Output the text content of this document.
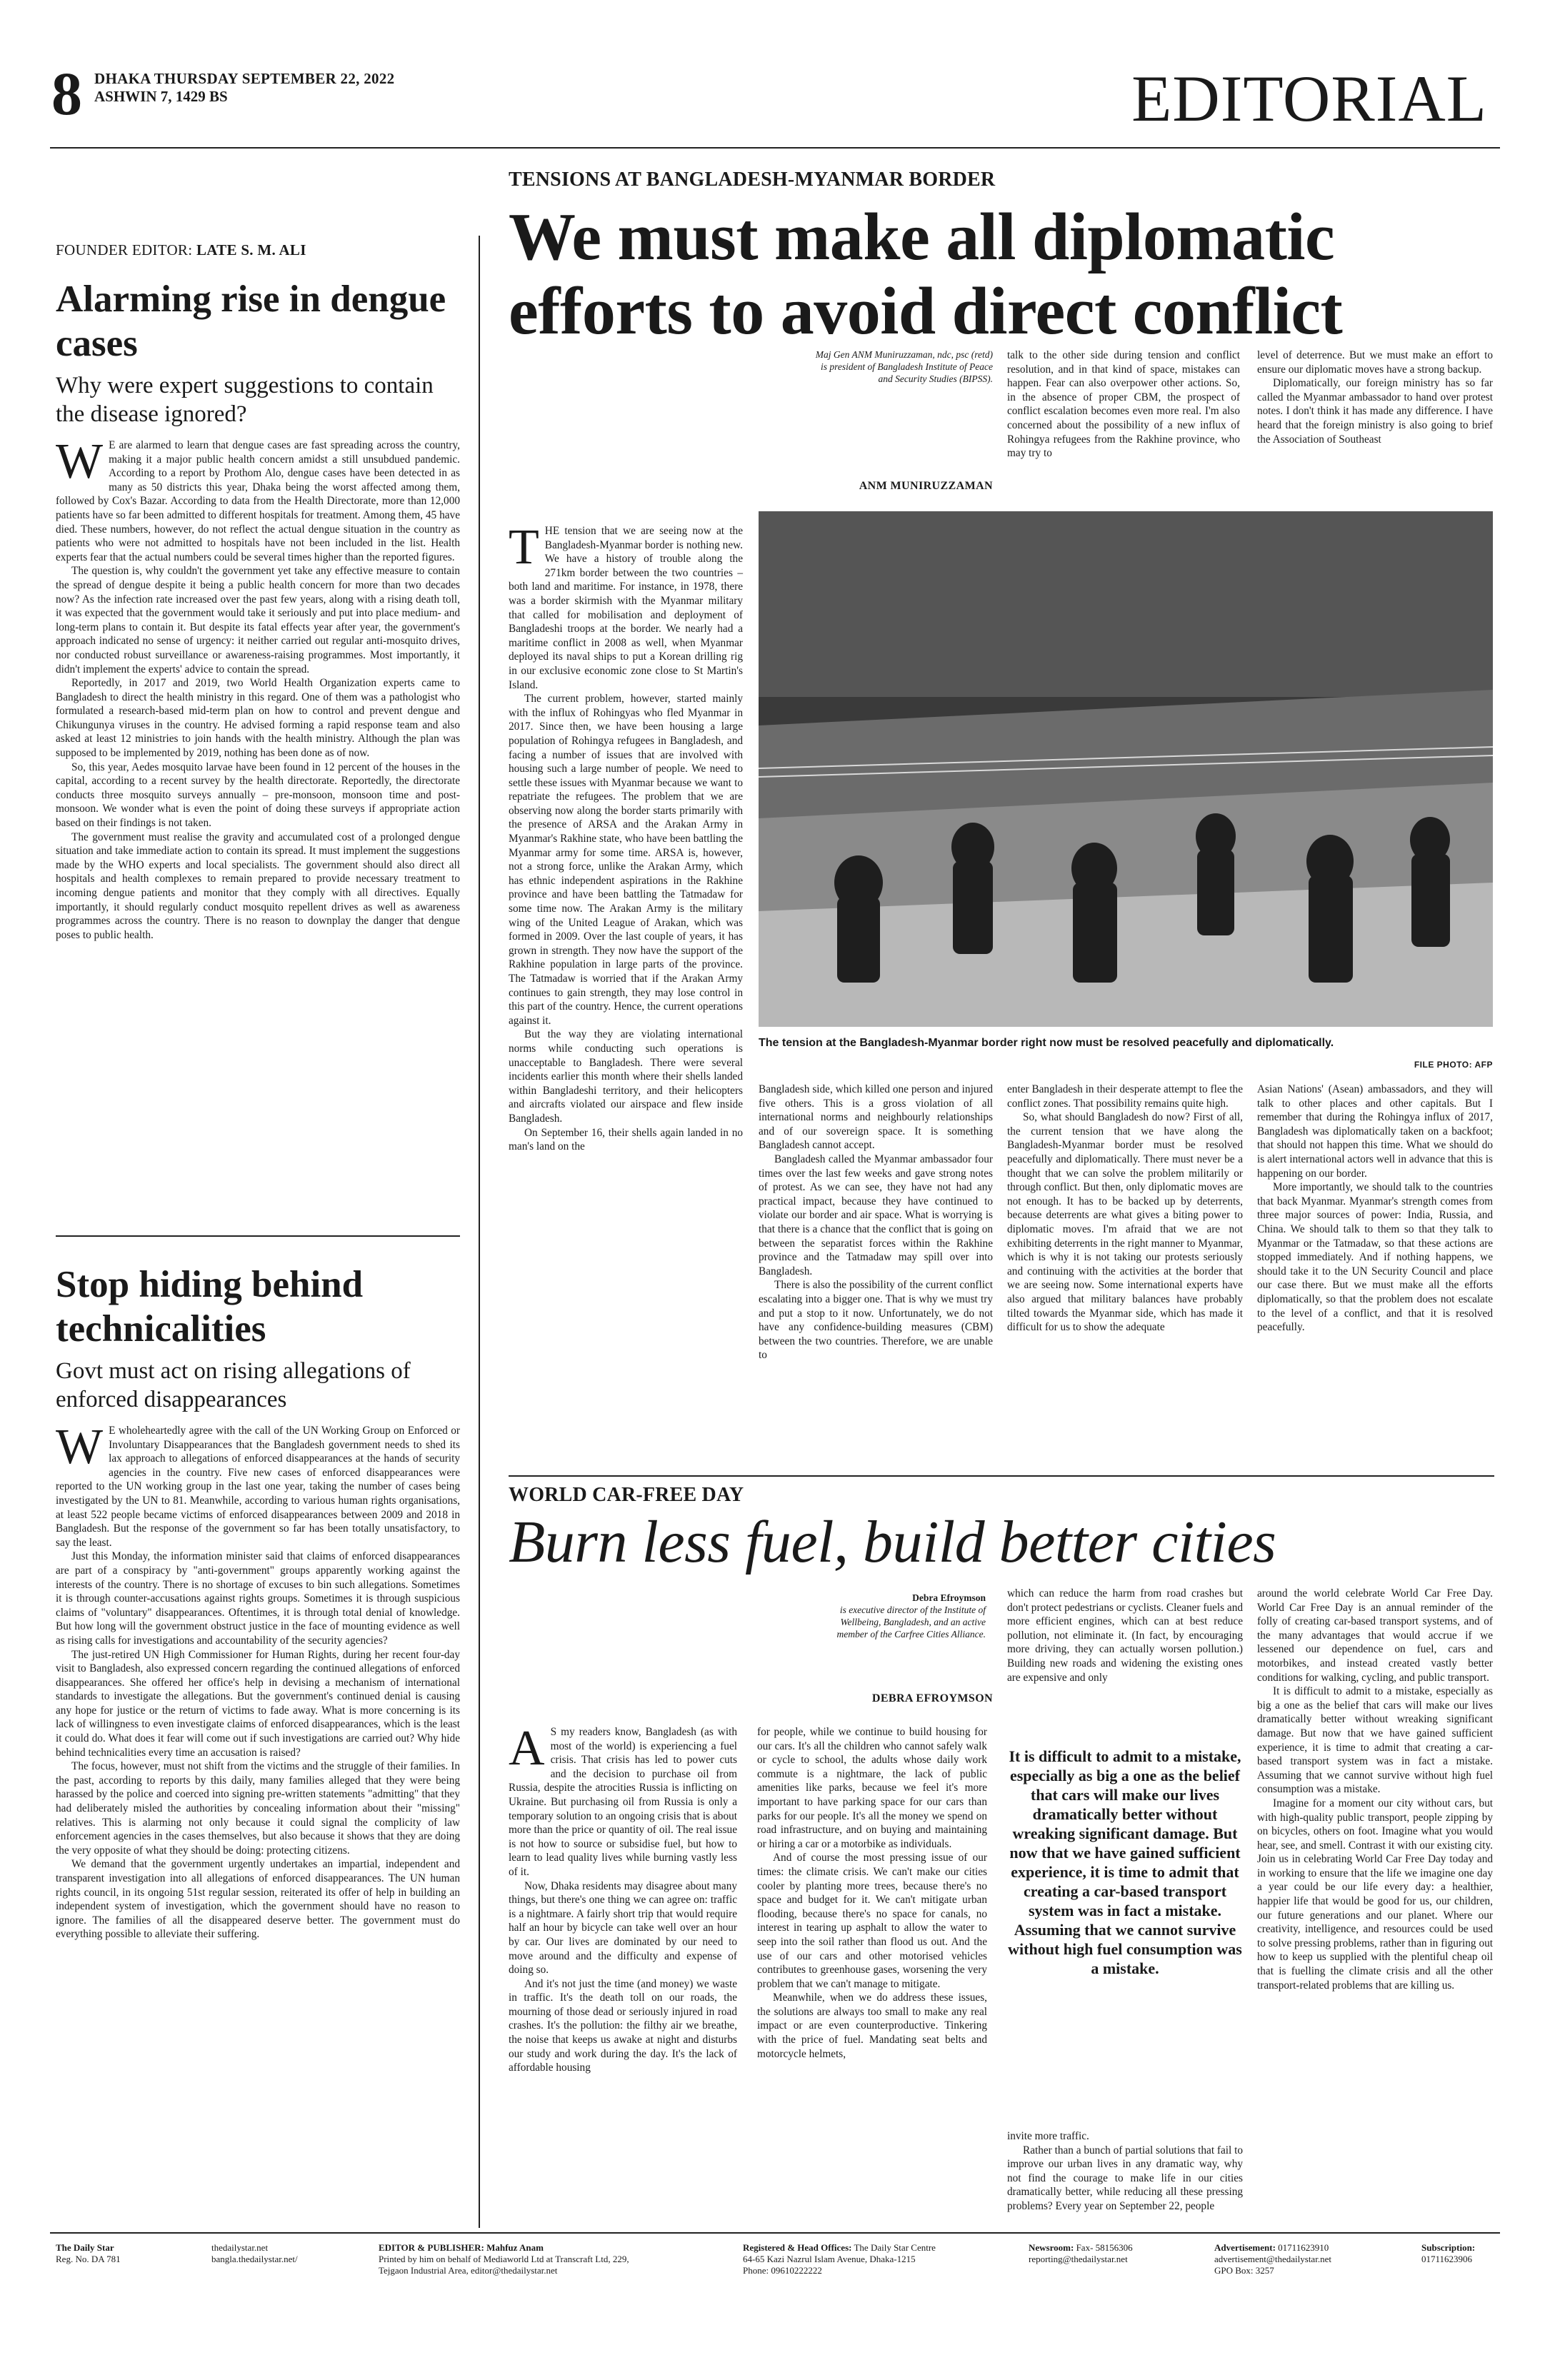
8 DHAKA THURSDAY SEPTEMBER 22, 2022
ASHWIN 7, 1429 BS	EDITORIAL
FOUNDER EDITOR: LATE S. M. ALI
Alarming rise in dengue cases
Why were expert suggestions to contain the disease ignored?

W E are alarmed to learn that dengue cases are fast spreading across the country, making it a major public health concern amidst a still unsubdued pandemic. According to a report by Prothom Alo, dengue cases have been detected in as many as 50 districts this year, Dhaka being the worst affected among them, followed by Cox's Bazar. According to data from the Health Directorate, more than 12,000 patients have so far been admitted to different hospitals for treatment. Among them, 45 have died. These numbers, however, do not reflect the actual dengue situation in the country as patients who were not admitted to hospitals have not been included in the list. Health experts fear that the actual numbers could be several times higher than the reported figures.

The question is, why couldn't the government yet take any effective measure to contain the spread of dengue despite it being a public health concern for more than two decades now? As the infection rate increased over the past few years, along with a rising death toll, it was expected that the government would take it seriously and put into place medium- and long-term plans to contain it. But despite its fatal effects year after year, the government's approach indicated no sense of urgency: it neither carried out regular anti-mosquito drives, nor conducted robust surveillance or awareness-raising programmes. Most importantly, it didn't implement the experts' advice to contain the spread.

Reportedly, in 2017 and 2019, two World Health Organization experts came to Bangladesh to direct the health ministry in this regard. One of them was a pathologist who formulated a research-based mid-term plan on how to control and prevent dengue and Chikungunya viruses in the country. He advised forming a rapid response team and also asked at least 12 ministries to join hands with the health ministry. Although the plan was supposed to be implemented by 2019, nothing has been done as of now.

So, this year, Aedes mosquito larvae have been found in 12 percent of the houses in the capital, according to a recent survey by the health directorate. Reportedly, the directorate conducts three mosquito surveys annually – pre-monsoon, monsoon time and post-monsoon. We wonder what is even the point of doing these surveys if appropriate action based on their findings is not taken.

The government must realise the gravity and accumulated cost of a prolonged dengue situation and take immediate action to contain its spread. It must implement the suggestions made by the WHO experts and local specialists. The government should also direct all hospitals and health complexes to remain prepared to provide necessary treatment to incoming dengue patients and monitor that they comply with all directives. Equally importantly, it should regularly conduct mosquito repellent drives as well as awareness programmes across the country. There is no reason to downplay the danger that dengue poses to public health.

Stop hiding behind technicalities
Govt must act on rising allegations of enforced disappearances

W E wholeheartedly agree with the call of the UN Working Group on Enforced or Involuntary Disappearances that the Bangladesh government needs to shed its lax approach to allegations of enforced disappearances at the hands of security agencies in the country. Five new cases of enforced disappearances were reported to the UN working group in the last one year, taking the number of cases being investigated by the UN to 81. Meanwhile, according to various human rights organisations, at least 522 people became victims of enforced disappearances between 2009 and 2018 in Bangladesh. But the response of the government so far has been totally unsatisfactory, to say the least.

Just this Monday, the information minister said that claims of enforced disappearances are part of a conspiracy by "anti-government" groups apparently working against the interests of the country. There is no shortage of excuses to bin such allegations. Sometimes it is through counter-accusations against rights groups. Sometimes it is through suspicious claims of "voluntary" disappearances. Oftentimes, it is through total denial of knowledge. But how long will the government obstruct justice in the face of mounting evidence as well as rising calls for investigations and accountability of the security agencies?

The just-retired UN High Commissioner for Human Rights, during her recent four-day visit to Bangladesh, also expressed concern regarding the continued allegations of enforced disappearances. She offered her office's help in devising a mechanism of international standards to investigate the allegations. But the government's continued denial is causing any hope for justice or the return of victims to fade away. What is more concerning is its lack of willingness to even investigate claims of enforced disappearances, which is the least it could do. What does it fear will come out if such investigations are carried out? Why hide behind technicalities every time an accusation is raised?

The focus, however, must not shift from the victims and the struggle of their families. In the past, according to reports by this daily, many families alleged that they were being harassed by the police and coerced into signing pre-written statements "admitting" that they had deliberately misled the authorities by concealing information about their "missing" relatives. This is alarming not only because it could signal the complicity of law enforcement agencies in the cases themselves, but also because it shows that they are doing the very opposite of what they should be doing: protecting citizens.

We demand that the government urgently undertakes an impartial, independent and transparent investigation into all allegations of enforced disappearances. The UN human rights council, in its ongoing 51st regular session, reiterated its offer of help in building an independent system of investigation, which the government should have no reason to ignore. The families of all the disappeared deserve better. The government must do everything possible to alleviate their suffering.

TENSIONS AT BANGLADESH-MYANMAR BORDER
We must make all diplomatic efforts to avoid direct conflict
Maj Gen ANM Muniruzzaman, ndc, psc (retd) is president of Bangladesh Institute of Peace and Security Studies (BIPSS).
ANM MUNIRUZZAMAN

talk to the other side during tension and conflict resolution, and in that kind of space, mistakes can happen. Fear can also overpower other actions. So, in the absence of proper CBM, the prospect of conflict escalation becomes even more real. I'm also concerned about the possibility of a new influx of Rohingya refugees from the Rakhine province, who may try to

level of deterrence. But we must make an effort to ensure our diplomatic moves have a strong backup.

Diplomatically, our foreign ministry has so far called the Myanmar ambassador to hand over protest notes. I don't think it has made any difference. I have heard that the foreign ministry is also going to brief the Association of Southeast

THE tension that we are seeing now at the Bangladesh-Myanmar border is nothing new. We have a history of trouble along the 271km border between the two countries – both land and maritime. For instance, in 1978, there was a border skirmish with the Myanmar military that called for mobilisation and deployment of Bangladeshi troops at the border. We nearly had a maritime conflict in 2008 as well, when Myanmar deployed its naval ships to put a Korean drilling rig in our exclusive economic zone close to St Martin's Island.

The current problem, however, started mainly with the influx of Rohingyas who fled Myanmar in 2017. Since then, we have been housing a large population of Rohingya refugees in Bangladesh, and facing a number of issues that are involved with housing such a large number of people. We need to settle these issues with Myanmar because we want to repatriate the refugees. The problem that we are observing now along the border starts primarily with the presence of ARSA and the Arakan Army in Myanmar's Rakhine state, who have been battling the Myanmar army for some time. ARSA is, however, not a strong force, unlike the Arakan Army, which has ethnic independent aspirations in the Rakhine province and have been battling the Tatmadaw for some time now. The Arakan Army is the military wing of the United League of Arakan, which was formed in 2009. Over the last couple of years, it has grown in strength. They now have the support of the Rakhine population in large parts of the province. The Tatmadaw is worried that if the Arakan Army continues to gain strength, they may lose control in this part of the country. Hence, the current operations against it.

But the way they are violating international norms while conducting such operations is unacceptable to Bangladesh. There were several incidents earlier this month where their shells landed within Bangladeshi territory, and their helicopters and aircrafts violated our airspace and flew inside Bangladesh.

On September 16, their shells again landed in no man's land on the

The tension at the Bangladesh-Myanmar border right now must be resolved peacefully and diplomatically.
FILE PHOTO: AFP

Bangladesh side, which killed one person and injured five others. This is a gross violation of all international norms and neighbourly relationships and of our sovereign space. It is something Bangladesh cannot accept.

Bangladesh called the Myanmar ambassador four times over the last few weeks and gave strong notes of protest. As we can see, they have not had any practical impact, because they have continued to violate our border and air space. What is worrying is that there is a chance that the conflict that is going on between the separatist forces within the Rakhine province and the Tatmadaw may spill over into Bangladesh.

There is also the possibility of the current conflict escalating into a bigger one. That is why we must try and put a stop to it now. Unfortunately, we do not have any confidence-building measures (CBM) between the two countries. Therefore, we are unable to

enter Bangladesh in their desperate attempt to flee the conflict zones. That possibility remains quite high.

So, what should Bangladesh do now? First of all, the current tension that we have along the Bangladesh-Myanmar border must be resolved peacefully and diplomatically. There must never be a thought that we can solve the problem militarily or through conflict. But then, only diplomatic moves are not enough. It has to be backed up by deterrents, because deterrents are what gives a biting power to diplomatic moves. I'm afraid that we are not exhibiting deterrents in the right manner to Myanmar, which is why it is not taking our protests seriously and continuing with the activities at the border that we are seeing now. Some international experts have also argued that military balances have probably tilted towards the Myanmar side, which has made it difficult for us to show the adequate

Asian Nations' (Asean) ambassadors, and they will talk to other places and other capitals. But I remember that during the Rohingya influx of 2017, Bangladesh was diplomatically taken on a backfoot; that should not happen this time. What we should do is alert international actors well in advance that this is happening on our border.

More importantly, we should talk to the countries that back Myanmar. Myanmar's strength comes from three major sources of power: India, Russia, and China. We should talk to them so that they talk to Myanmar or the Tatmadaw, so that these actions are stopped immediately. And if nothing happens, we should take it to the UN Security Council and place our case there. But we must make all the efforts diplomatically, so that the problem does not escalate to the level of a conflict, and that it is resolved peacefully.

WORLD CAR-FREE DAY
Burn less fuel, build better cities
Debra Efroymson
is executive director of the Institute of Wellbeing, Bangladesh, and an active member of the Carfree Cities Alliance.
DEBRA EFROYMSON

A S my readers know, Bangladesh (as with most of the world) is experiencing a fuel crisis. That crisis has led to power cuts and the decision to purchase oil from Russia, despite the atrocities Russia is inflicting on Ukraine. But purchasing oil from Russia is only a temporary solution to an ongoing crisis that is about more than the price or quantity of oil. The real issue is not how to source or subsidise fuel, but how to learn to lead quality lives while burning vastly less of it.

Now, Dhaka residents may disagree about many things, but there's one thing we can agree on: traffic is a nightmare. A fairly short trip that would require half an hour by bicycle can take well over an hour by car. Our lives are dominated by our need to move around and the difficulty and expense of doing so.

And it's not just the time (and money) we waste in traffic. It's the death toll on our roads, the mourning of those dead or seriously injured in road crashes. It's the pollution: the filthy air we breathe, the noise that keeps us awake at night and disturbs our study and work during the day. It's the lack of affordable housing

for people, while we continue to build housing for our cars. It's all the children who cannot safely walk or cycle to school, the adults whose daily work commute is a nightmare, the lack of public amenities like parks, because we feel it's more important to have parking space for our cars than parks for our people. It's all the money we spend on road infrastructure, and on buying and maintaining or hiring a car or a motorbike as individuals.

And of course the most pressing issue of our times: the climate crisis. We can't make our cities cooler by planting more trees, because there's no space and budget for it. We can't mitigate urban flooding, because there's no space for canals, no interest in tearing up asphalt to allow the water to seep into the soil rather than flood us out. And the use of our cars and other motorised vehicles contributes to greenhouse gases, worsening the very problem that we can't manage to mitigate.

Meanwhile, when we do address these issues, the solutions are always too small to make any real impact or are even counterproductive. Tinkering with the price of fuel. Mandating seat belts and motorcycle helmets,

which can reduce the harm from road crashes but don't protect pedestrians or cyclists. Cleaner fuels and more efficient engines, which can at best reduce pollution, not eliminate it. (In fact, by encouraging more driving, they can actually worsen pollution.) Building new roads and widening the existing ones are expensive and only

It is difficult to admit to a mistake, especially as big a one as the belief that cars will make our lives dramatically better without wreaking significant damage. But now that we have gained sufficient experience, it is time to admit that creating a car-based transport system was in fact a mistake. Assuming that we cannot survive without high fuel consumption was a mistake.

invite more traffic.

Rather than a bunch of partial solutions that fail to improve our urban lives in any dramatic way, why not find the courage to make life in our cities dramatically better, while reducing all these pressing problems? Every year on September 22, people

around the world celebrate World Car Free Day. World Car Free Day is an annual reminder of the folly of creating car-based transport systems, and of the many advantages that would accrue if we lessened our dependence on fuel, cars and motorbikes, and instead created vastly better conditions for walking, cycling, and public transport.

It is difficult to admit to a mistake, especially as big a one as the belief that cars will make our lives dramatically better without wreaking significant damage. But now that we have gained sufficient experience, it is time to admit that creating a car-based transport system was in fact a mistake. Assuming that we cannot survive without high fuel consumption was a mistake.

Imagine for a moment our city without cars, but with high-quality public transport, people zipping by on bicycles, others on foot. Imagine what you would hear, see, and smell. Contrast it with our existing city. Join us in celebrating World Car Free Day today and in working to ensure that the life we imagine one day a year could be our life every day: a healthier, happier life that would be good for us, our children, our future generations and our planet. Where our creativity, intelligence, and resources could be used to solve pressing problems, rather than in figuring out how to keep us supplied with the plentiful cheap oil that is fuelling the climate crisis and all the other transport-related problems that are killing us.

The Daily Star
Reg. No. DA 781
thedailystar.net
bangla.thedailystar.net/
EDITOR & PUBLISHER: Mahfuz Anam
Printed by him on behalf of Mediaworld Ltd at Transcraft Ltd, 229,
Tejgaon Industrial Area, editor@thedailystar.net
Registered & Head Offices: The Daily Star Centre
64-65 Kazi Nazrul Islam Avenue, Dhaka-1215
Phone: 09610222222
Newsroom: Fax- 58156306
reporting@thedailystar.net
Advertisement: 01711623910
advertisement@thedailystar.net
GPO Box: 3257
Subscription:
01711623906
